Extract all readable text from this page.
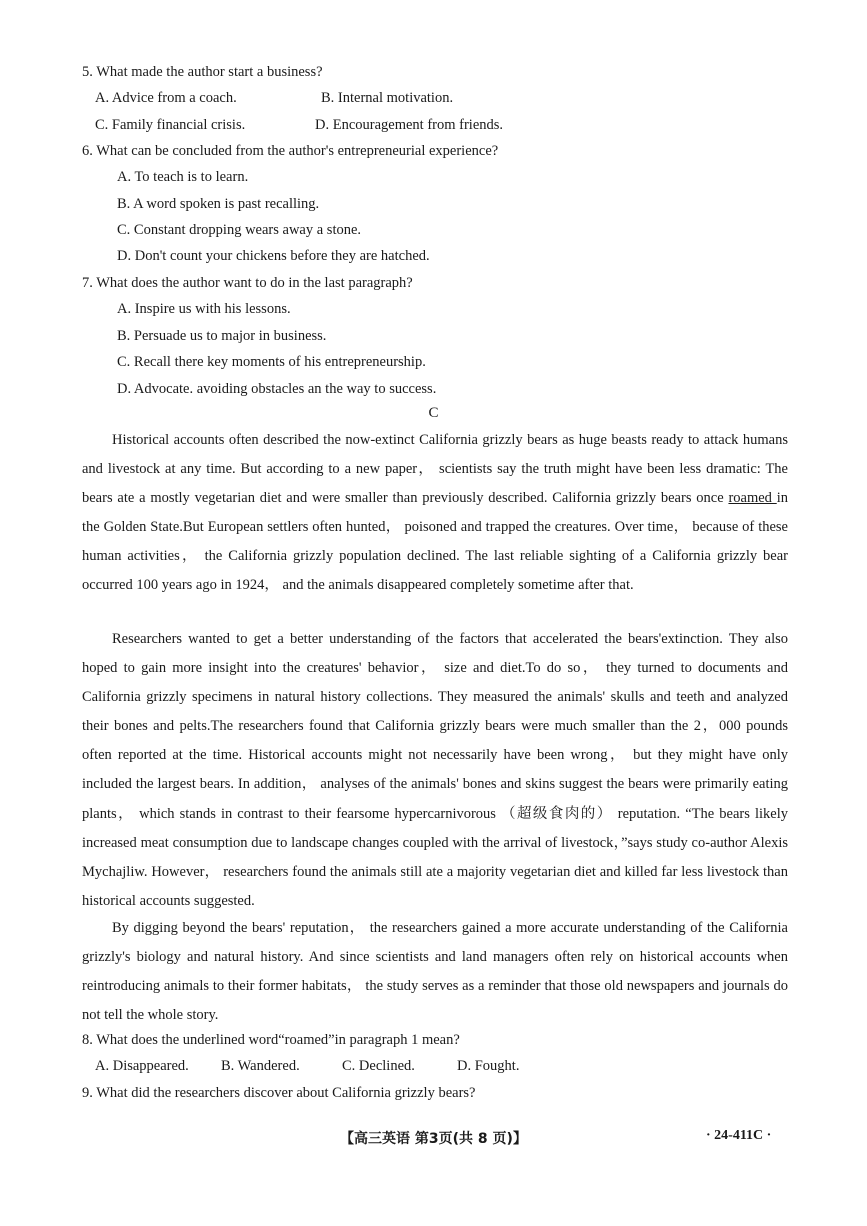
5. What made the author start a business?
A. Advice from a coach.	B. Internal motivation.
C. Family financial crisis.	D. Encouragement from friends.
6. What can be concluded from the author's entrepreneurial experience?
A. To teach is to learn.
B. A word spoken is past recalling.
C. Constant dropping wears away a stone.
D. Don't count your chickens before they are hatched.
7. What does the author want to do in the last paragraph?
A. Inspire us with his lessons.
B. Persuade us to major in business.
C. Recall there key moments of his entrepreneurship.
D. Advocate. avoiding obstacles an the way to success.
C
Historical accounts often described the now-extinct California grizzly bears as huge beasts ready to attack humans and livestock at any time. But according to a new paper， scientists say the truth might have been less dramatic: The bears ate a mostly vegetarian diet and were smaller than previously described. California grizzly bears once roamed in the Golden State.But European settlers often hunted， poisoned and trapped the creatures. Over time， because of these human activities， the California grizzly population declined. The last reliable sighting of a California grizzly bear occurred 100 years ago in 1924， and the animals disappeared completely sometime after that.
Researchers wanted to get a better understanding of the factors that accelerated the bears'extinction. They also hoped to gain more insight into the creatures' behavior， size and diet.To do so， they turned to documents and California grizzly specimens in natural history collections. They measured the animals' skulls and teeth and analyzed their bones and pelts.The researchers found that California grizzly bears were much smaller than the 2，000 pounds often reported at the time. Historical accounts might not necessarily have been wrong， but they might have only included the largest bears. In addition， analyses of the animals' bones and skins suggest the bears were primarily eating plants， which stands in contrast to their fearsome hypercarnivorous （超级食肉的） reputation. “The bears likely increased meat consumption due to landscape changes coupled with the arrival of livestock，”says study co-author Alexis Mychajliw. However， researchers found the animals still ate a majority vegetarian diet and killed far less livestock than historical accounts suggested.
By digging beyond the bears' reputation， the researchers gained a more accurate understanding of the California grizzly's biology and natural history. And since scientists and land managers often rely on historical accounts when reintroducing animals to their former habitats， the study serves as a reminder that those old newspapers and journals do not tell the whole story.
8. What does the underlined word“roamed”in paragraph 1 mean?
A. Disappeared. B. Wandered.	C. Declined.	D. Fought.
9. What did the researchers discover about California grizzly bears?
【高三英语 第3页(共 8 页)】	· 24-411C ·
